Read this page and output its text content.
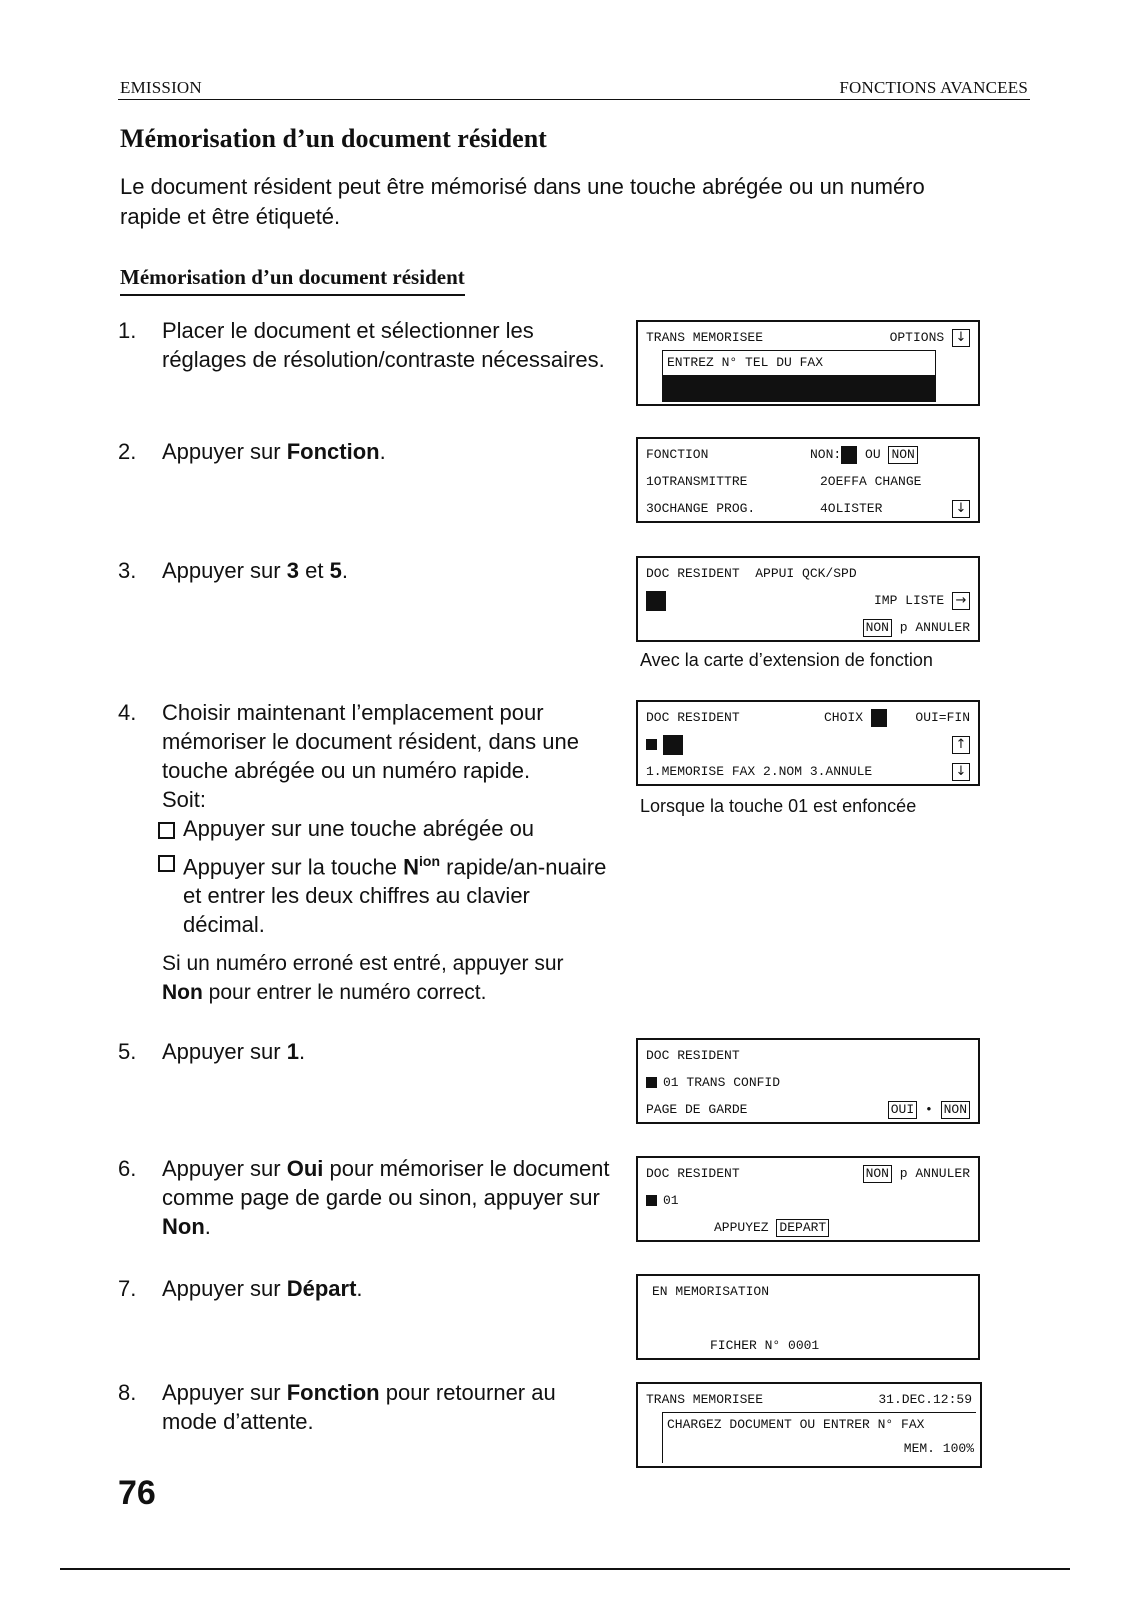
EMISSION	FONCTIONS AVANCEES
Mémorisation d’un document résident

Le document résident peut être mémorisé dans une touche abrégée ou un numéro rapide et être étiqueté.

Mémorisation d’un document résident
1.	Placer le document et sélectionner les réglages de résolution/contraste nécessaires.
2.	Appuyer sur Fonction.
3.	Appuyer sur 3 et 5.
4.	Choisir maintenant l’emplacement pour mémoriser le document résident, dans une touche abrégée ou un numéro rapide.
Soit:
Appuyer sur une touche abrégée ou
Appuyer sur la touche $N^{ion}$ rapide/an-nuaire et entrer les deux chiffres au clavier décimal.
Si un numéro erroné est entré, appuyer sur Non pour entrer le numéro correct.
5.	Appuyer sur 1.
6.	Appuyer sur Oui pour mémoriser le document comme page de garde ou sinon, appuyer sur Non.
7.	Appuyer sur Départ.
8.	Appuyer sur Fonction pour retourner au mode d’attente.
TRANS MEMORISEE	OPTIONS ↓
ENTREZ N° TEL DU FAX
FONCTION	NON: OU NON
1OTRANSMITTRE	2OEFFA CHANGE
3OCHANGE PROG.	4OLISTER	↓
DOC RESIDENT  APPUI QCK/SPD
IMP LISTE →
NON p ANNULER
Avec la carte d’extension de fonction
DOC RESIDENT	CHOIX	OUI=FIN
↑
1.MEMORISE FAX 2.NOM 3.ANNULE	↓
Lorsque la touche 01 est enfoncée
DOC RESIDENT
01 TRANS CONFID
PAGE DE GARDE	OUI • NON
DOC RESIDENT	NON p ANNULER
01
APPUYEZ DEPART
EN MEMORISATION
FICHER N° 0001
TRANS MEMORISEE	31.DEC.12:59
CHARGEZ DOCUMENT OU ENTRER N° FAX
MEM. 100%
76
